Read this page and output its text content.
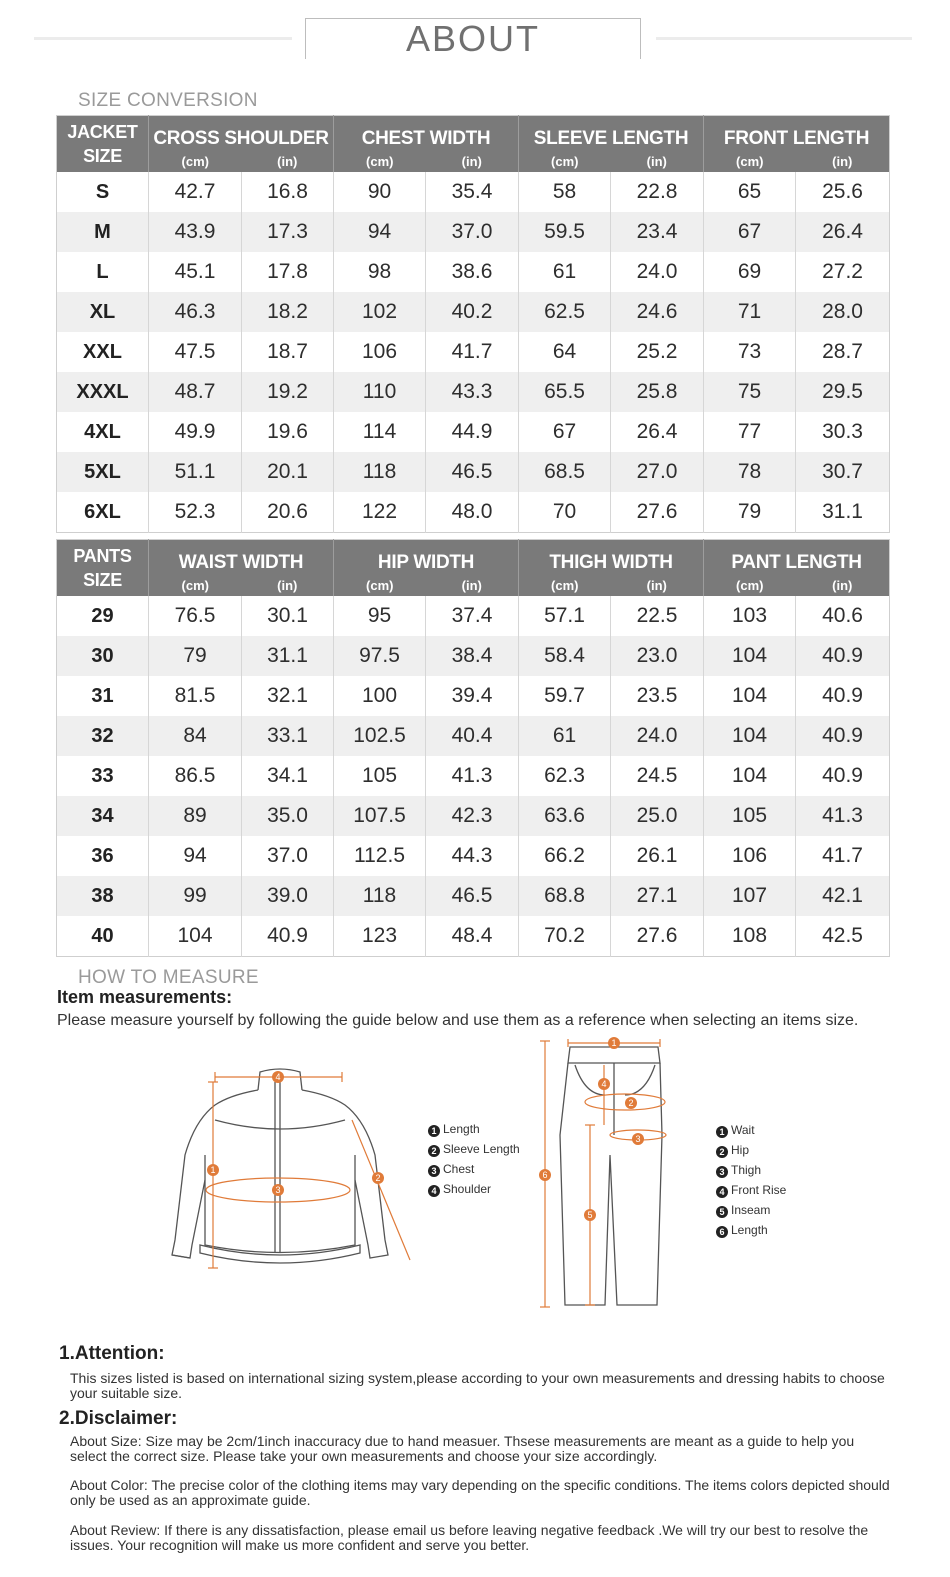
ABOUT
SIZE CONVERSION
JACKET
SIZE	CROSS SHOULDER		CHEST WIDTH		SLEEVE LENGTH		FRONT LENGTH	
	(cm)	(in)	(cm)	(in)	(cm)	(in)	(cm)	(in)
S	42.7	16.8	90	35.4	58	22.8	65	25.6
M	43.9	17.3	94	37.0	59.5	23.4	67	26.4
L	45.1	17.8	98	38.6	61	24.0	69	27.2
XL	46.3	18.2	102	40.2	62.5	24.6	71	28.0
XXL	47.5	18.7	106	41.7	64	25.2	73	28.7
XXXL	48.7	19.2	110	43.3	65.5	25.8	75	29.5
4XL	49.9	19.6	114	44.9	67	26.4	77	30.3
5XL	51.1	20.1	118	46.5	68.5	27.0	78	30.7
6XL	52.3	20.6	122	48.0	70	27.6	79	31.1
PANTS
SIZE	WAIST WIDTH		HIP WIDTH		THIGH WIDTH		PANT LENGTH	
	(cm)	(in)	(cm)	(in)	(cm)	(in)	(cm)	(in)
29	76.5	30.1	95	37.4	57.1	22.5	103	40.6
30	79	31.1	97.5	38.4	58.4	23.0	104	40.9
31	81.5	32.1	100	39.4	59.7	23.5	104	40.9
32	84	33.1	102.5	40.4	61	24.0	104	40.9
33	86.5	34.1	105	41.3	62.3	24.5	104	40.9
34	89	35.0	107.5	42.3	63.6	25.0	105	41.3
36	94	37.0	112.5	44.3	66.2	26.1	106	41.7
38	99	39.0	118	46.5	68.8	27.1	107	42.1
40	104	40.9	123	48.4	70.2	27.6	108	42.5
HOW TO MEASURE
Item measurements:
Please measure yourself by following the guide below and use them as a reference when selecting an items size.
1
2
3
4
1 Length
2 Sleeve Length
3 Chest
4 Shoulder
1
2
3
4
5
6
1 Wait
2 Hip
3 Thigh
4 Front Rise
5 Inseam
6 Length
1.Attention:
This sizes listed is based on international sizing system,please according to your own measurements and dressing habits to choose your suitable size.
2.Disclaimer:
About Size: Size may be 2cm/1inch inaccuracy due to hand measuer. Thsese measurements are meant as a guide to help you select the correct size. Please take your own measurements and choose your size accordingly.
About Color: The precise color of the clothing items may vary depending on the specific conditions. The items colors depicted should only be used as an approximate guide.
About Review: If there is any dissatisfaction, please email us before leaving negative feedback .We will try our best to resolve the issues. Your recognition will make us more confident and serve you better.
